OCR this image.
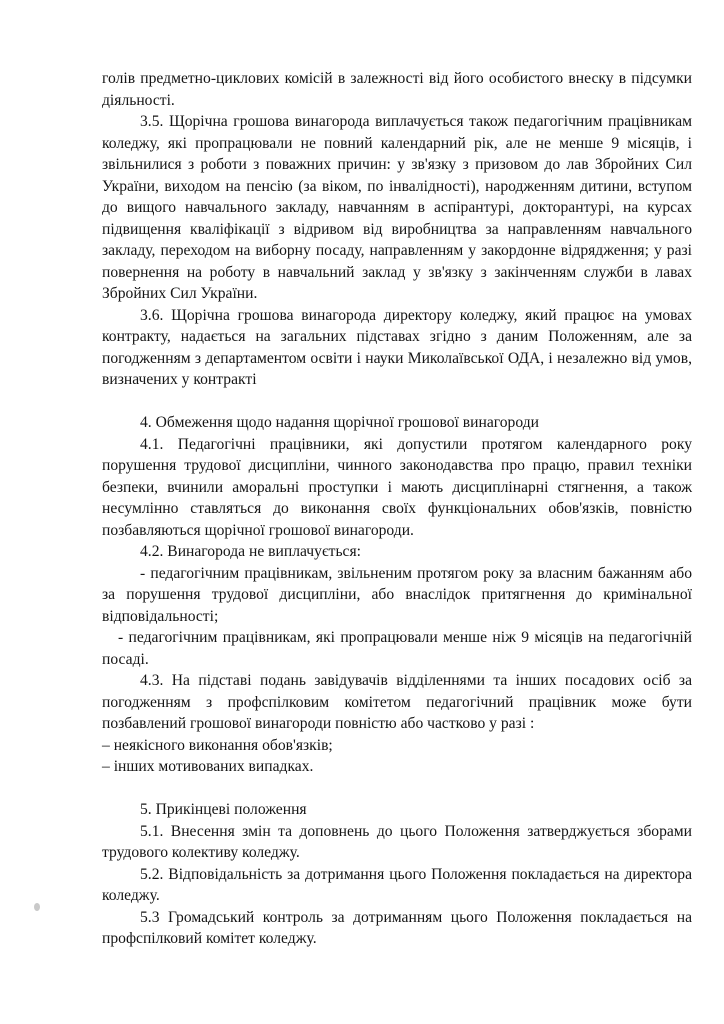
голів предметно-циклових комісій в залежності від його особистого внеску в підсумки діяльності.

3.5. Щорічна грошова винагорода виплачується також педагогічним працівникам коледжу, які пропрацювали не повний календарний рік, але не менше 9 місяців, і звільнилися з роботи з поважних причин: у зв'язку з призовом до лав Збройних Сил України, виходом на пенсію (за віком, по інвалідності), народженням дитини, вступом до вищого навчального закладу, навчанням в аспірантурі, докторантурі, на курсах підвищення кваліфікації з відривом від виробництва за направленням навчального закладу, переходом на виборну посаду, направленням у закордонне відрядження; у разі повернення на роботу в навчальний заклад у зв'язку з закінченням служби в лавах Збройних Сил України.

3.6. Щорічна грошова винагорода директору коледжу, який працює на умовах контракту, надається на загальних підставах згідно з даним Положенням, але за погодженням з департаментом освіти і науки Миколаївської ОДА, і незалежно від умов, визначених у контракті

4. Обмеження щодо надання щорічної грошової винагороди

4.1. Педагогічні працівники, які допустили протягом календарного року порушення трудової дисципліни, чинного законодавства про працю, правил техніки безпеки, вчинили аморальні проступки і мають дисциплінарні стягнення, а також несумлінно ставляться до виконання своїх функціональних обов'язків, повністю позбавляються щорічної грошової винагороди.

4.2. Винагорода не виплачується:

- педагогічним працівникам, звільненим протягом року за власним бажанням або за порушення трудової дисципліни, або внаслідок притягнення до кримінальної відповідальності;

- педагогічним працівникам, які пропрацювали менше ніж 9 місяців на педагогічній посаді.

4.3. На підставі подань завідувачів відділеннями та інших посадових осіб за погодженням з профспілковим комітетом педагогічний працівник може бути позбавлений грошової винагороди повністю або частково у разі :

– неякісного виконання обов'язків;

– інших мотивованих випадках.

5. Прикінцеві положення

5.1. Внесення змін та доповнень до цього Положення затверджується зборами трудового колективу коледжу.

5.2. Відповідальність за дотримання цього Положення покладається на директора коледжу.

5.3 Громадський контроль за дотриманням цього Положення покладається на профспілковий комітет коледжу.
